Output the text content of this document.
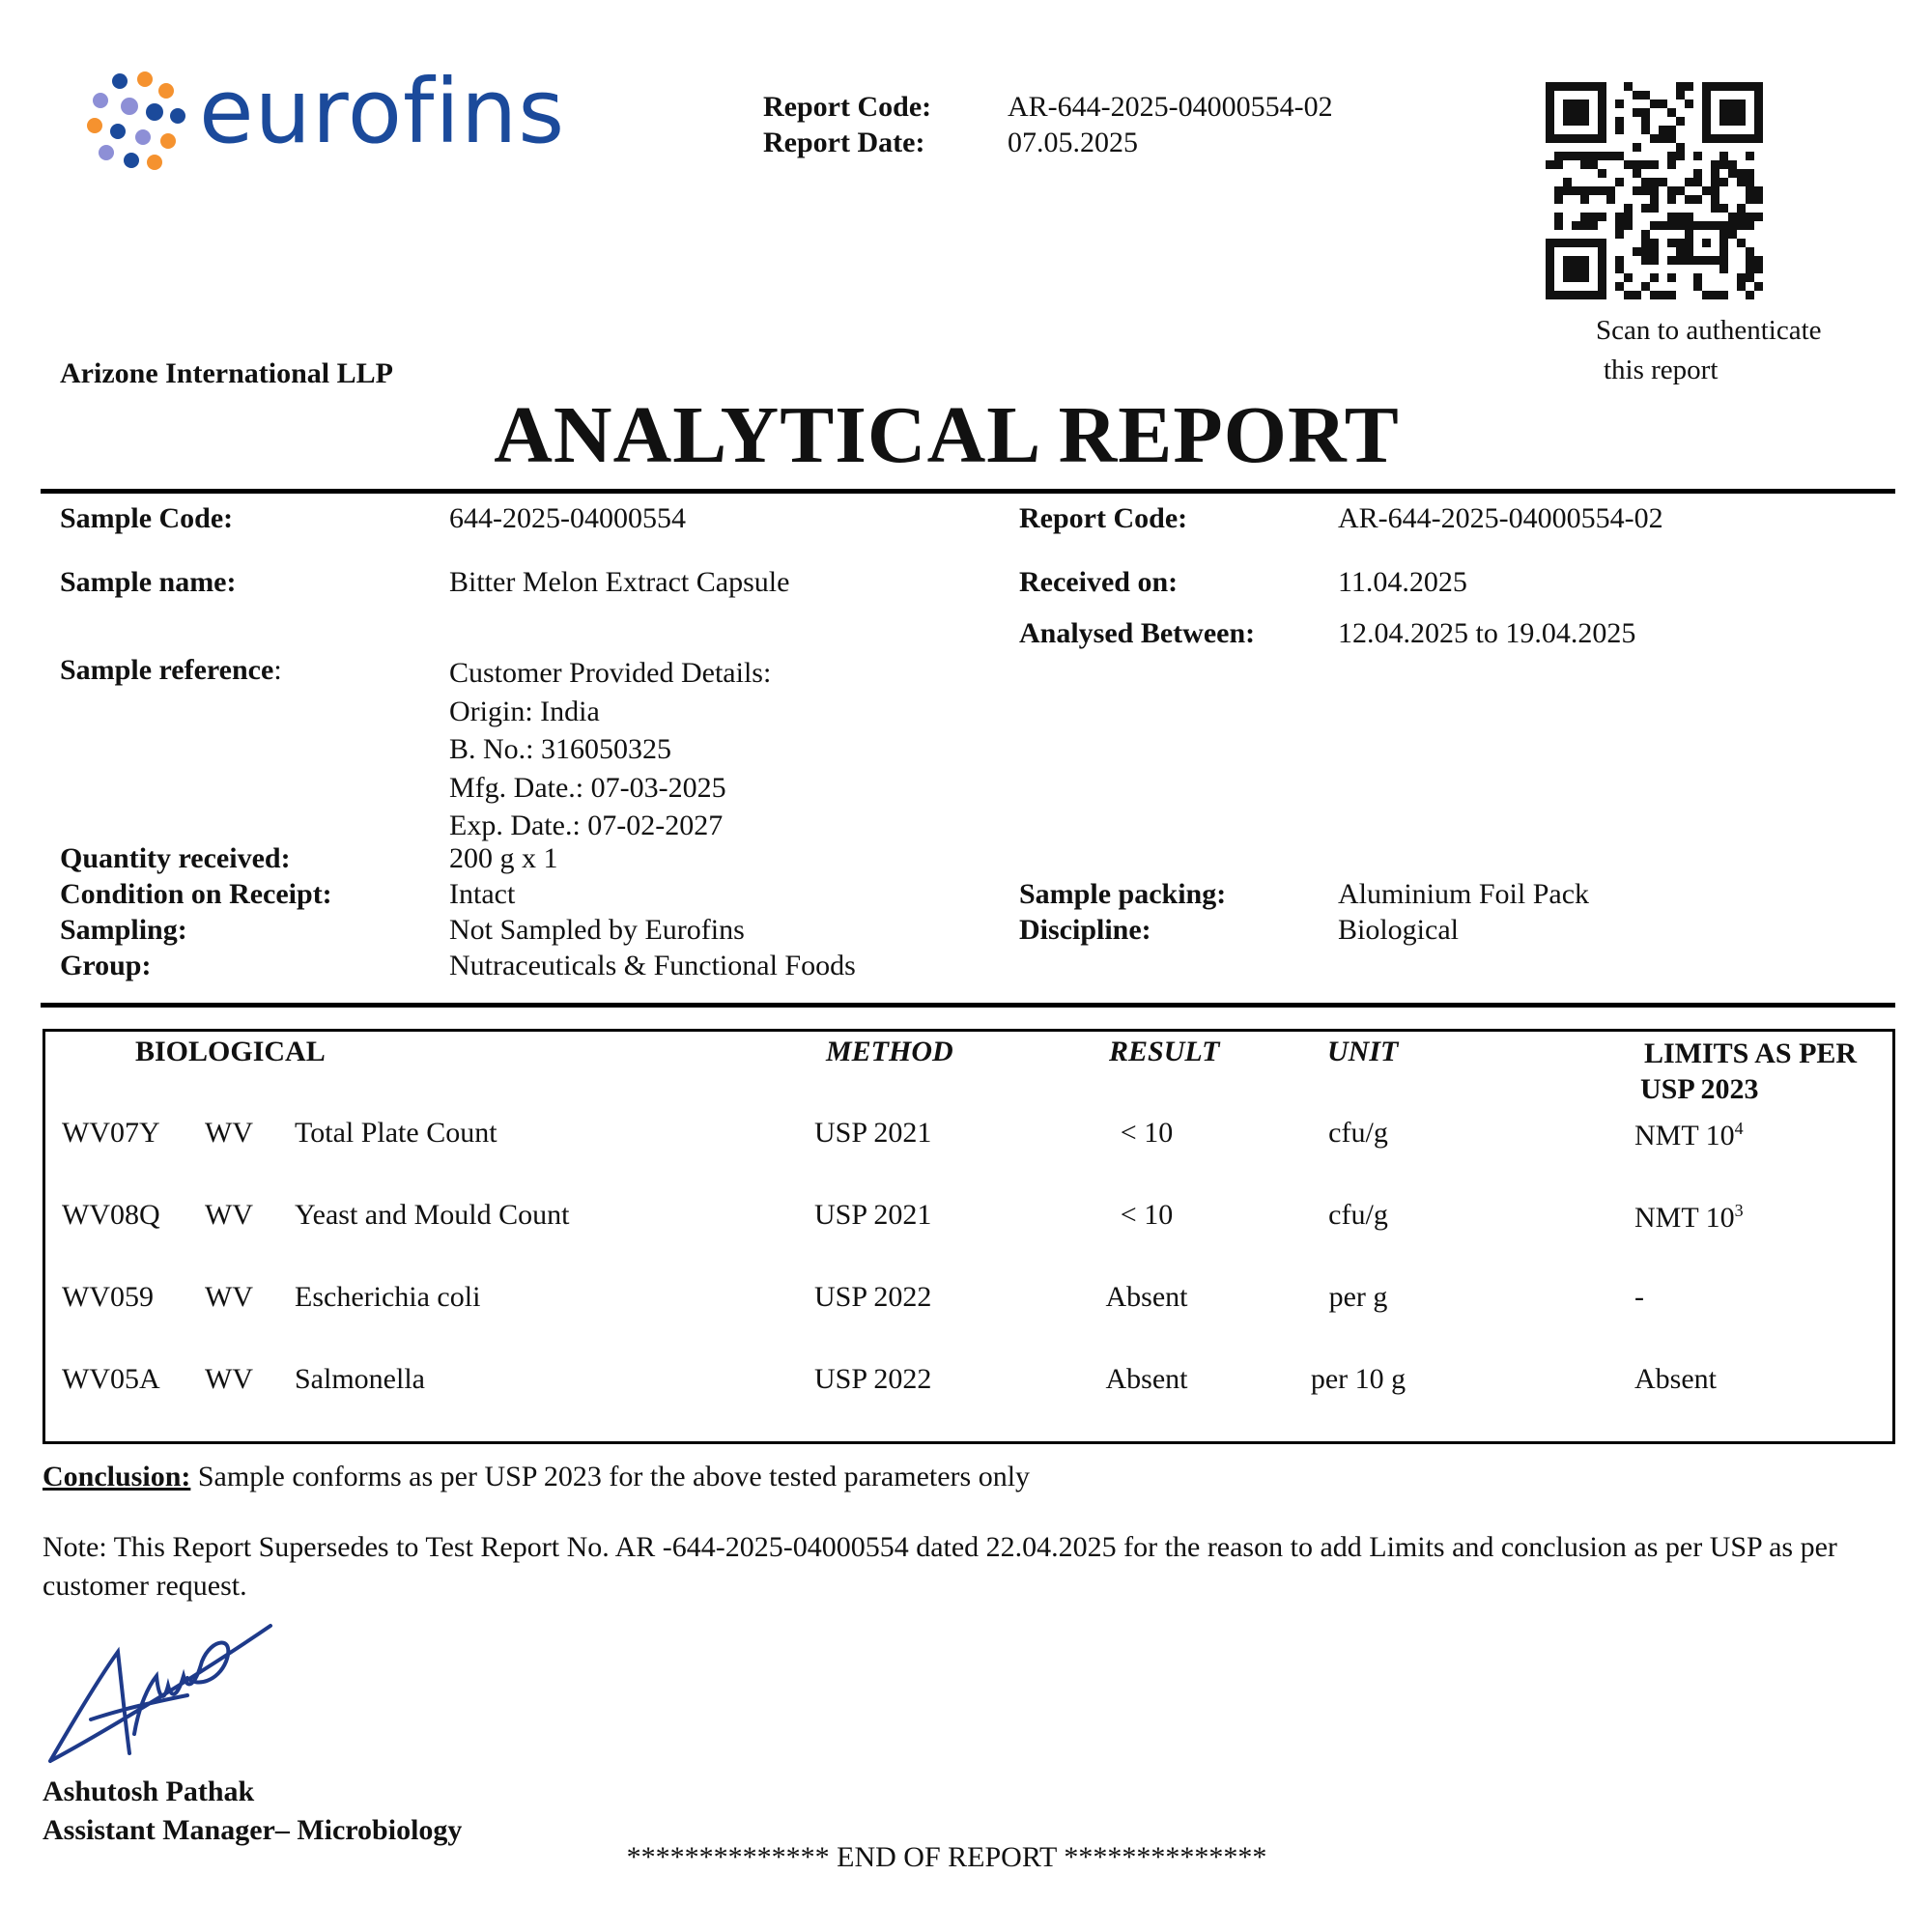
eurofins	Report Code:	AR-644-2025-04000554-02
Report Date:	07.05.2025
Scan to authenticate
this report
Arizone International LLP
ANALYTICAL REPORT
Sample Code:	644-2025-04000554
Sample name:	Bitter Melon Extract Capsule
Sample reference:	Customer Provided Details:
Origin: India
B. No.: 316050325
Mfg. Date.: 07-03-2025
Exp. Date.: 07-02-2027
Quantity received:	200 g x 1
Condition on Receipt:	Intact
Sampling:	Not Sampled by Eurofins
Group:	Nutraceuticals & Functional Foods
Report Code:	AR-644-2025-04000554-02
Received on:	11.04.2025
Analysed Between:	12.04.2025 to 19.04.2025
Sample packing:	Aluminium Foil Pack
Discipline:	Biological
BIOLOGICAL	METHOD	RESULT	UNIT	LIMITS AS PER
USP 2023
WV07Y WV Total Plate Count	USP 2021	< 10	cfu/g	NMT $10^4$
WV08Q WV Yeast and Mould Count	USP 2021	< 10	cfu/g	NMT $10^3$
WV059 WV Escherichia coli	USP 2022	Absent	per g	-
WV05A WV Salmonella	USP 2022	Absent	per 10 g	Absent
Conclusion: Sample conforms as per USP 2023 for the above tested parameters only
Note: This Report Supersedes to Test Report No. AR -644-2025-04000554 dated 22.04.2025 for the reason to add Limits and conclusion as per USP as per customer request.
Ashutosh Pathak
Assistant Manager– Microbiology
************** END OF REPORT **************
